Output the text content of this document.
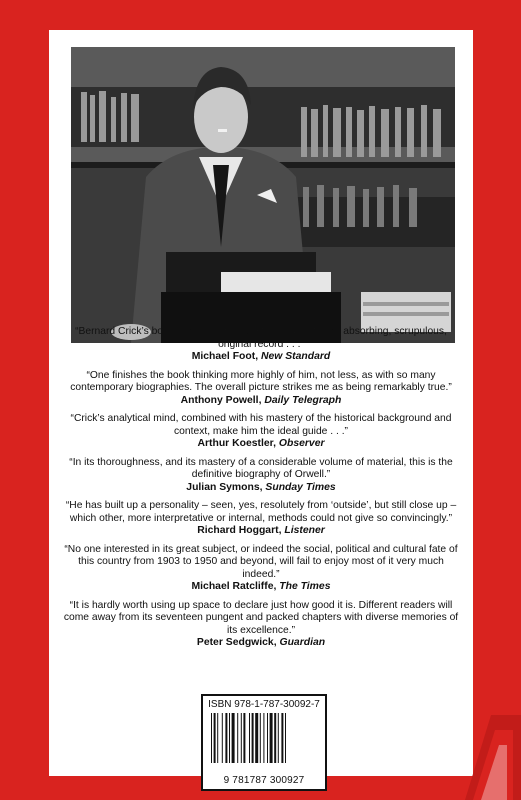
“Bernard Crick’s book is a triumph of the first order. It is an absorbing, scrupulous, original record . . .”
Michael Foot, New Standard
“One finishes the book thinking more highly of him, not less, as with so many contemporary biographies. The overall picture strikes me as being remarkably true.”
Anthony Powell, Daily Telegraph
“Crick’s analytical mind, combined with his mastery of the historical background and context, make him the ideal guide . . .”
Arthur Koestler, Observer
“In its thoroughness, and its mastery of a considerable volume of material, this is the definitive biography of Orwell.”
Julian Symons, Sunday Times
“He has built up a personality – seen, yes, resolutely from ‘outside’, but still close up – which other, more interpretative or internal, methods could not give so convincingly.”
Richard Hoggart, Listener
“No one interested in its great subject, or indeed the social, political and cultural fate of this country from 1903 to 1950 and beyond, will fail to enjoy most of it very much indeed.”
Michael Ratcliffe, The Times
“It is hardly worth using up space to declare just how good it is. Different readers will come away from its seventeen pungent and packed chapters with diverse memories of its excellence.”
Peter Sedgwick, Guardian
ISBN 978-1-787-30092-7
9 781787 300927
